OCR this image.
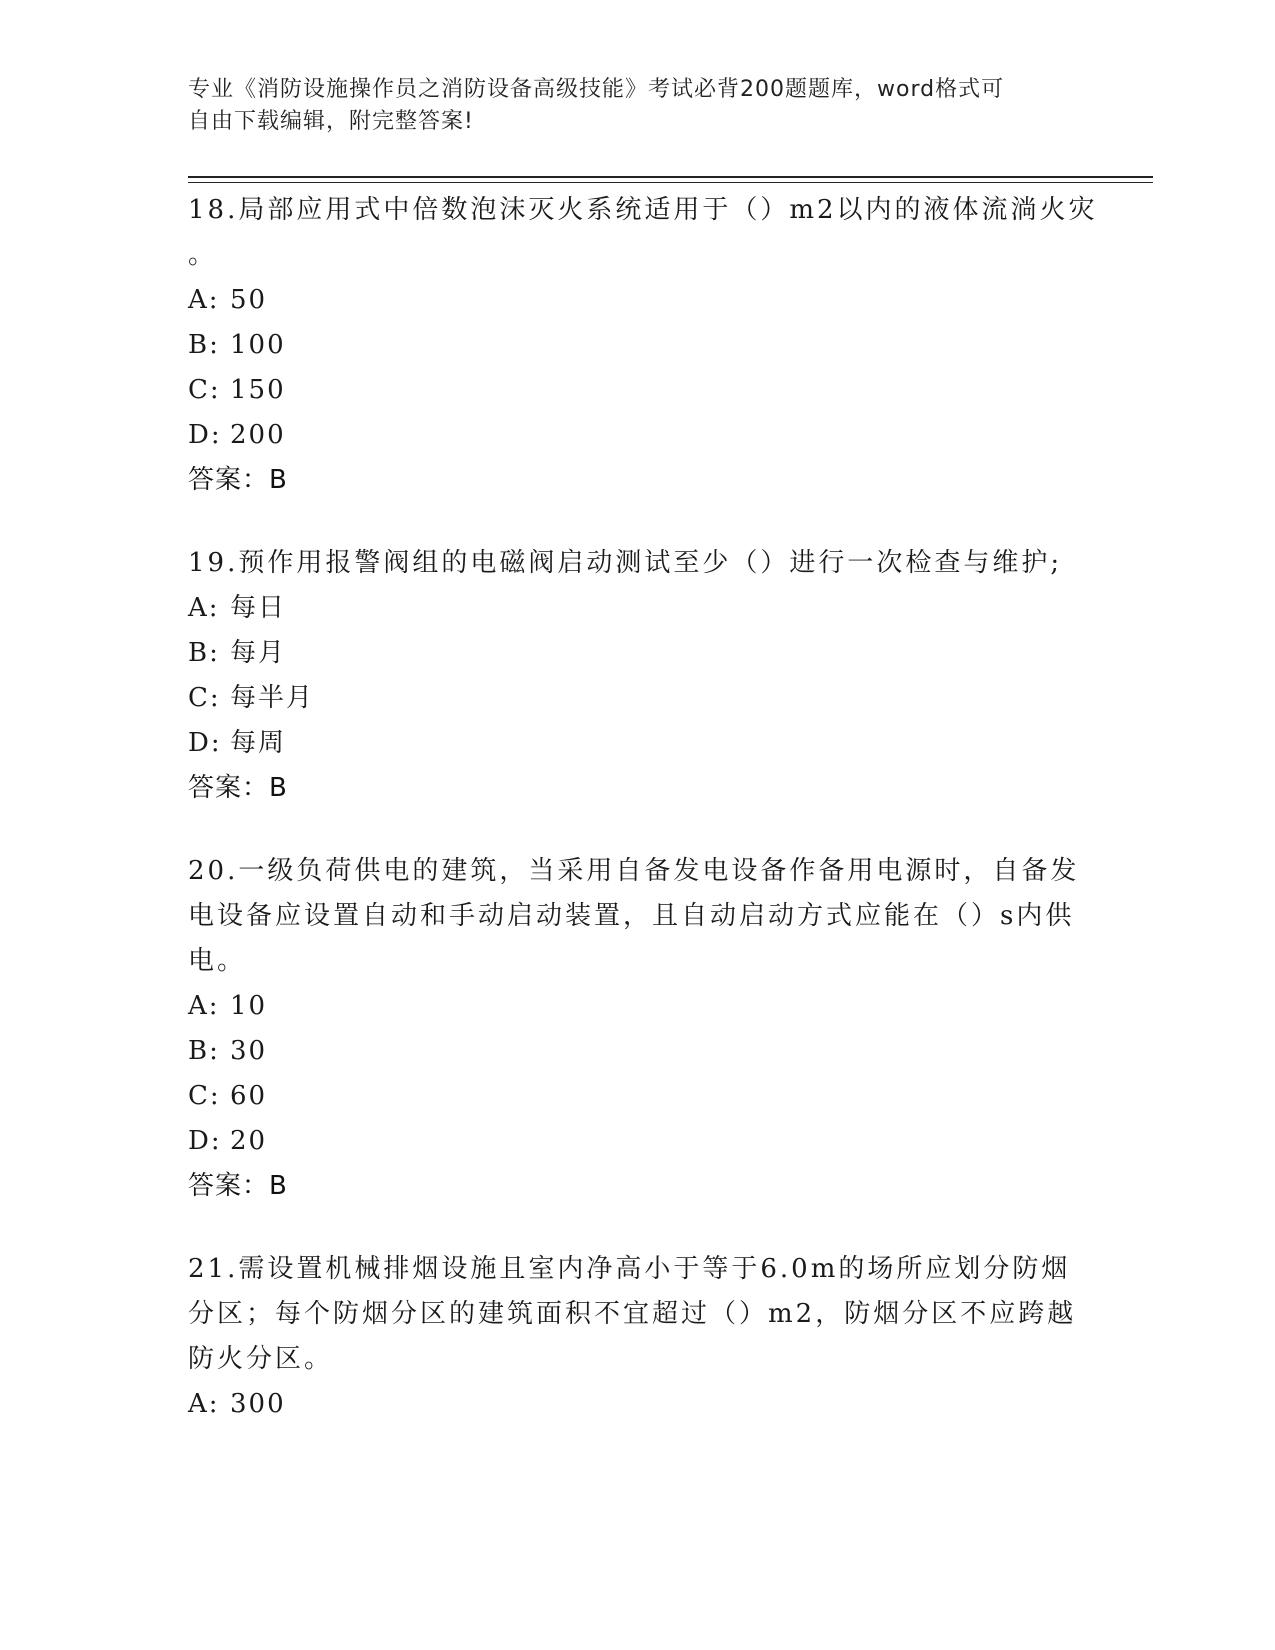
专业《消防设施操作员之消防设备高级技能》考试必背200题题库，word格式可

自由下载编辑，附完整答案!

18.局部应用式中倍数泡沫灭火系统适用于（）m2以内的液体流淌火灾

。

A: 50

B: 100

C: 150

D: 200

答案：B

19.预作用报警阀组的电磁阀启动测试至少（）进行一次检查与维护;

A: 每日

B: 每月

C: 每半月

D: 每周

答案：B

20.一级负荷供电的建筑，当采用自备发电设备作备用电源时，自备发

电设备应设置自动和手动启动装置，且自动启动方式应能在（）s内供

电。

A: 10

B: 30

C: 60

D: 20

答案：B

21.需设置机械排烟设施且室内净高小于等于6.0m的场所应划分防烟

分区；每个防烟分区的建筑面积不宜超过（）m2，防烟分区不应跨越

防火分区。

A: 300
